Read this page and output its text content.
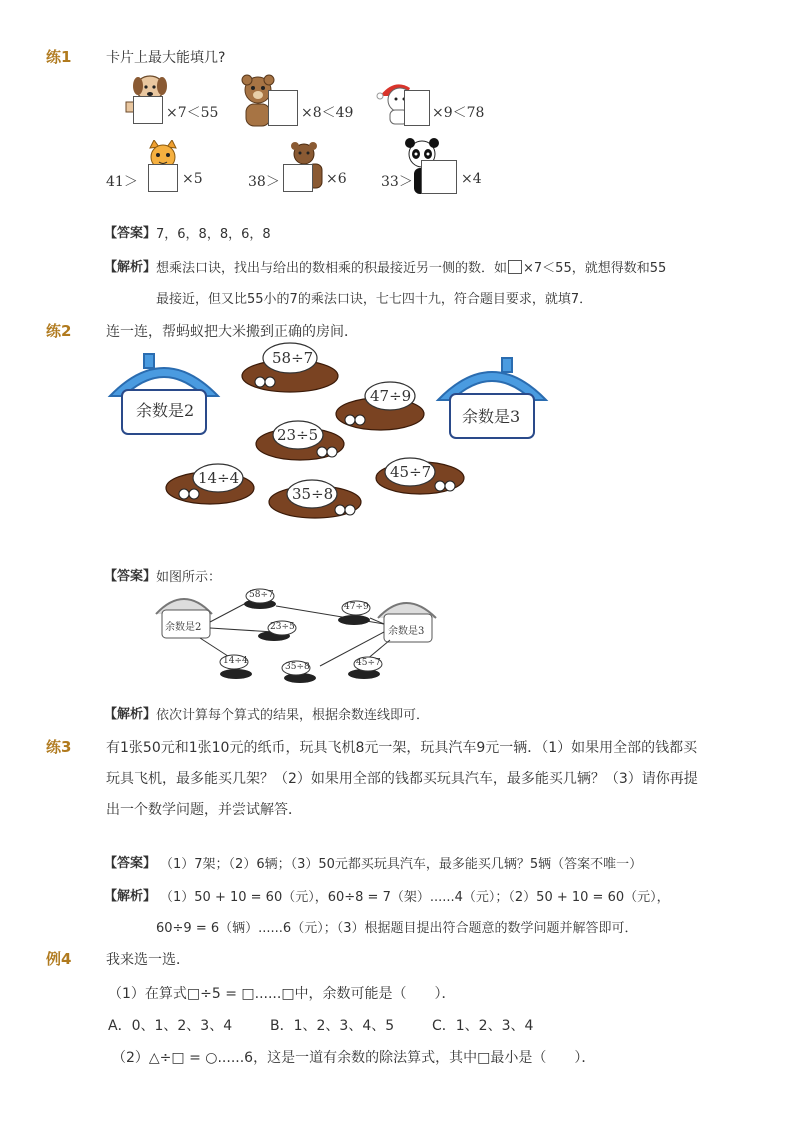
练1 卡片上最大能填几?
×7＜55	×8＜49	×9＜78
41＞	×5	38＞	×6 33＞	×4
【答案】 7，6，8，8，6，8
【解析】 想乘法口诀，找出与给出的数相乘的积最接近另一侧的数．如 ×7＜55，就想得数和55
最接近，但又比55小的7的乘法口诀，七七四十九，符合题目要求，就填7．
练2 连一连，帮蚂蚁把大米搬到正确的房间．
余数是2	余数是3
58÷7
47÷9
23÷5
14÷4
35÷8
45÷7
【答案】 如图所示：
余数是2	余数是3
58÷7
47÷9
23÷5
14÷4
35÷8	45÷7
【解析】 依次计算每个算式的结果，根据余数连线即可．
练3 有1张50元和1张10元的纸币，玩具飞机8元一架，玩具汽车9元一辆．（1）如果用全部的钱都买
玩具飞机，最多能买几架？（2）如果用全部的钱都买玩具汽车，最多能买几辆？（3）请你再提
出一个数学问题，并尝试解答．
【答案】 （1）7架；（2）6辆；（3）50元都买玩具汽车，最多能买几辆？5辆（答案不唯一）
【解析】 （1）50 + 10 = 60（元），60÷8 = 7（架）......4（元）；（2）50 + 10 = 60（元），
60÷9 = 6（辆）......6（元）；（3）根据题目提出符合题意的数学问题并解答即可．
例4 我来选一选．
（1）在算式□÷5 = □......□中，余数可能是（　　）．
A．0、1、2、3、4	B．1、2、3、4、5	C．1、2、3、4
（2）△÷□ = ○......6，这是一道有余数的除法算式，其中□最小是（　　）．
